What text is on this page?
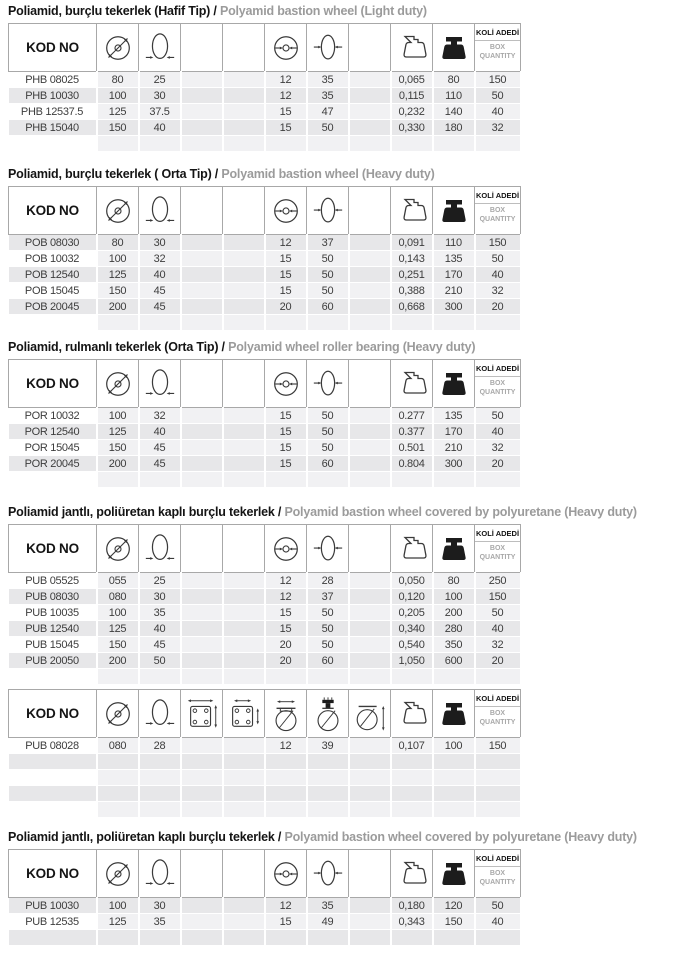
Poliamid, burçlu tekerlek (Hafif Tip) / Polyamid bastion wheel (Light duty)
KOD NO										KOLİ ADEDİ
BOX QUANTITY

PHB 08025	80	25			12	35		0,065	80	150
PHB 10030	100	30			12	35		0,115	110	50
PHB 12537.5	125	37.5			15	47		0,232	140	40
PHB 15040	150	40			15	50		0,330	180	32

Poliamid, burçlu tekerlek ( Orta Tip) / Polyamid bastion wheel (Heavy duty)
KOD NO										KOLİ ADEDİ
BOX QUANTITY

POB 08030	80	30			12	37		0,091	110	150
POB 10032	100	32			15	50		0,143	135	50
POB 12540	125	40			15	50		0,251	170	40
POB 15045	150	45			15	50		0,388	210	32
POB 20045	200	45			20	60		0,668	300	20

Poliamid, rulmanlı tekerlek (Orta Tip) / Polyamid wheel roller bearing (Heavy duty)
KOD NO										KOLİ ADEDİ
BOX QUANTITY

POR 10032	100	32			15	50		0.277	135	50
POR 12540	125	40			15	50		0.377	170	40
POR 15045	150	45			15	50		0.501	210	32
POR 20045	200	45			15	60		0.804	300	20

Poliamid jantlı, poliüretan kaplı burçlu tekerlek / Polyamid bastion wheel covered by polyuretane (Heavy duty)
KOD NO										KOLİ ADEDİ
BOX QUANTITY

PUB 05525	055	25			12	28		0,050	80	250
PUB 08030	080	30			12	37		0,120	100	150
PUB 10035	100	35			15	50		0,205	200	50
PUB 12540	125	40			15	50		0,340	280	40
PUB 15045	150	45			20	50		0,540	350	32
PUB 20050	200	50			20	60		1,050	600	20

KOD NO										KOLİ ADEDİ
BOX QUANTITY

PUB 08028	080	28			12	39		0,107	100	150

Poliamid jantlı, poliüretan kaplı burçlu tekerlek / Polyamid bastion wheel covered by polyuretane (Heavy duty)
KOD NO										KOLİ ADEDİ
BOX QUANTITY

PUB 10030	100	30			12	35		0,180	120	50
PUB 12535	125	35			15	49		0,343	150	40
